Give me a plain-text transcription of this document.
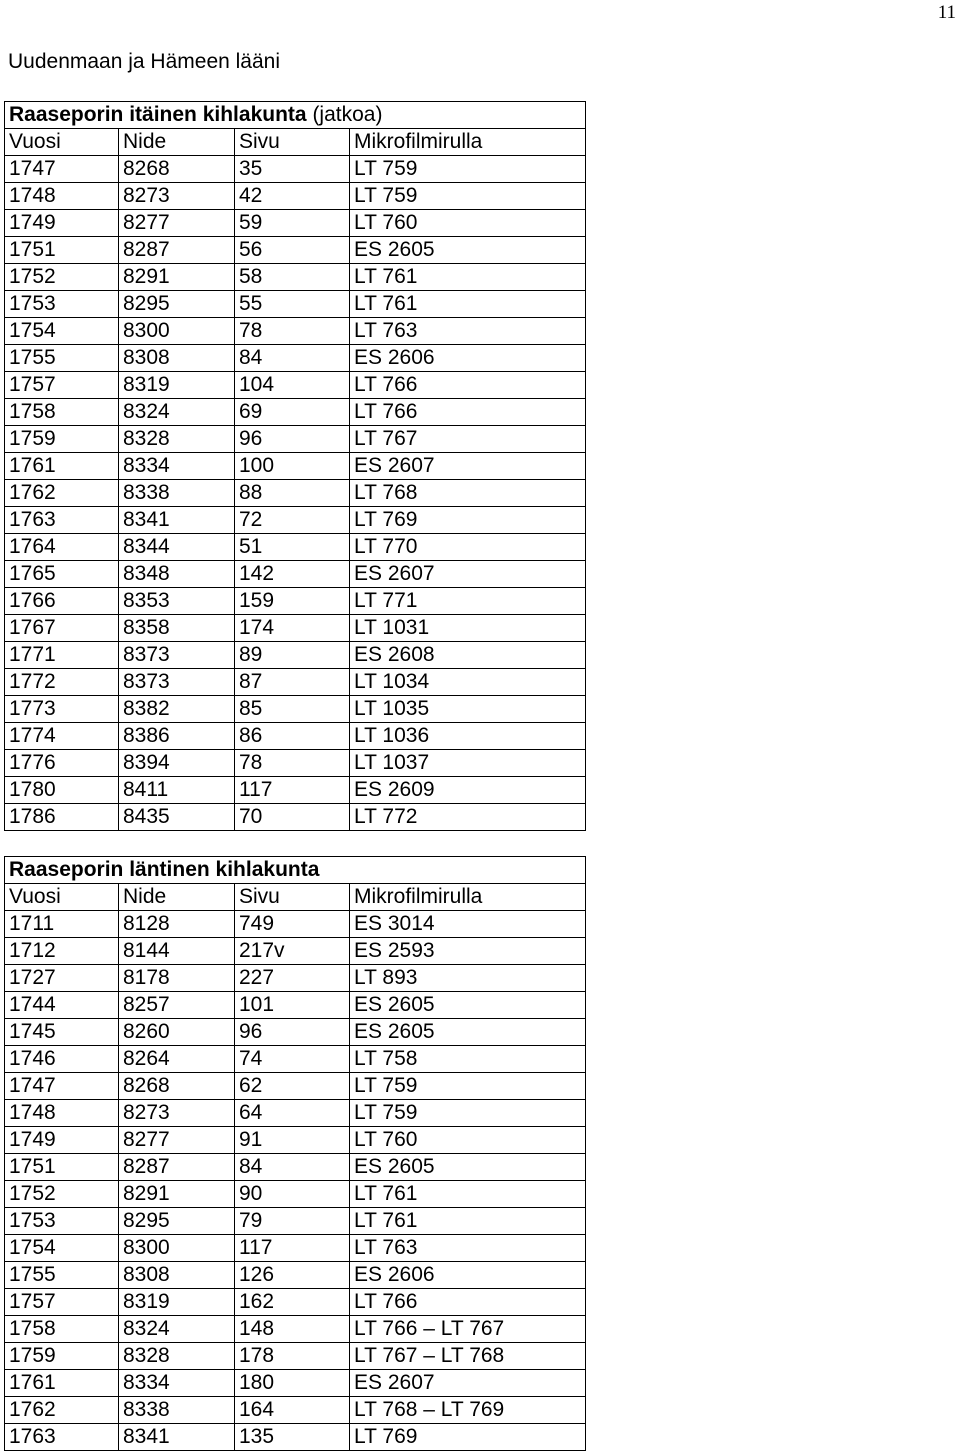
11
Uudenmaan ja Hämeen lääni
Raaseporin itäinen kihlakunta (jatkoa)			
Vuosi	Nide	Sivu	Mikrofilmirulla
1747	8268	35	LT 759
1748	8273	42	LT 759
1749	8277	59	LT 760
1751	8287	56	ES 2605
1752	8291	58	LT 761
1753	8295	55	LT 761
1754	8300	78	LT 763
1755	8308	84	ES 2606
1757	8319	104	LT 766
1758	8324	69	LT 766
1759	8328	96	LT 767
1761	8334	100	ES 2607
1762	8338	88	LT 768
1763	8341	72	LT 769
1764	8344	51	LT 770
1765	8348	142	ES 2607
1766	8353	159	LT 771
1767	8358	174	LT 1031
1771	8373	89	ES 2608
1772	8373	87	LT 1034
1773	8382	85	LT 1035
1774	8386	86	LT 1036
1776	8394	78	LT 1037
1780	8411	117	ES 2609
1786	8435	70	LT 772
Raaseporin läntinen kihlakunta			
Vuosi	Nide	Sivu	Mikrofilmirulla
1711	8128	749	ES 3014
1712	8144	217v	ES 2593
1727	8178	227	LT 893
1744	8257	101	ES 2605
1745	8260	96	ES 2605
1746	8264	74	LT 758
1747	8268	62	LT 759
1748	8273	64	LT 759
1749	8277	91	LT 760
1751	8287	84	ES 2605
1752	8291	90	LT 761
1753	8295	79	LT 761
1754	8300	117	LT 763
1755	8308	126	ES 2606
1757	8319	162	LT 766
1758	8324	148	LT 766 – LT 767
1759	8328	178	LT 767 – LT 768
1761	8334	180	ES 2607
1762	8338	164	LT 768 – LT 769
1763	8341	135	LT 769
